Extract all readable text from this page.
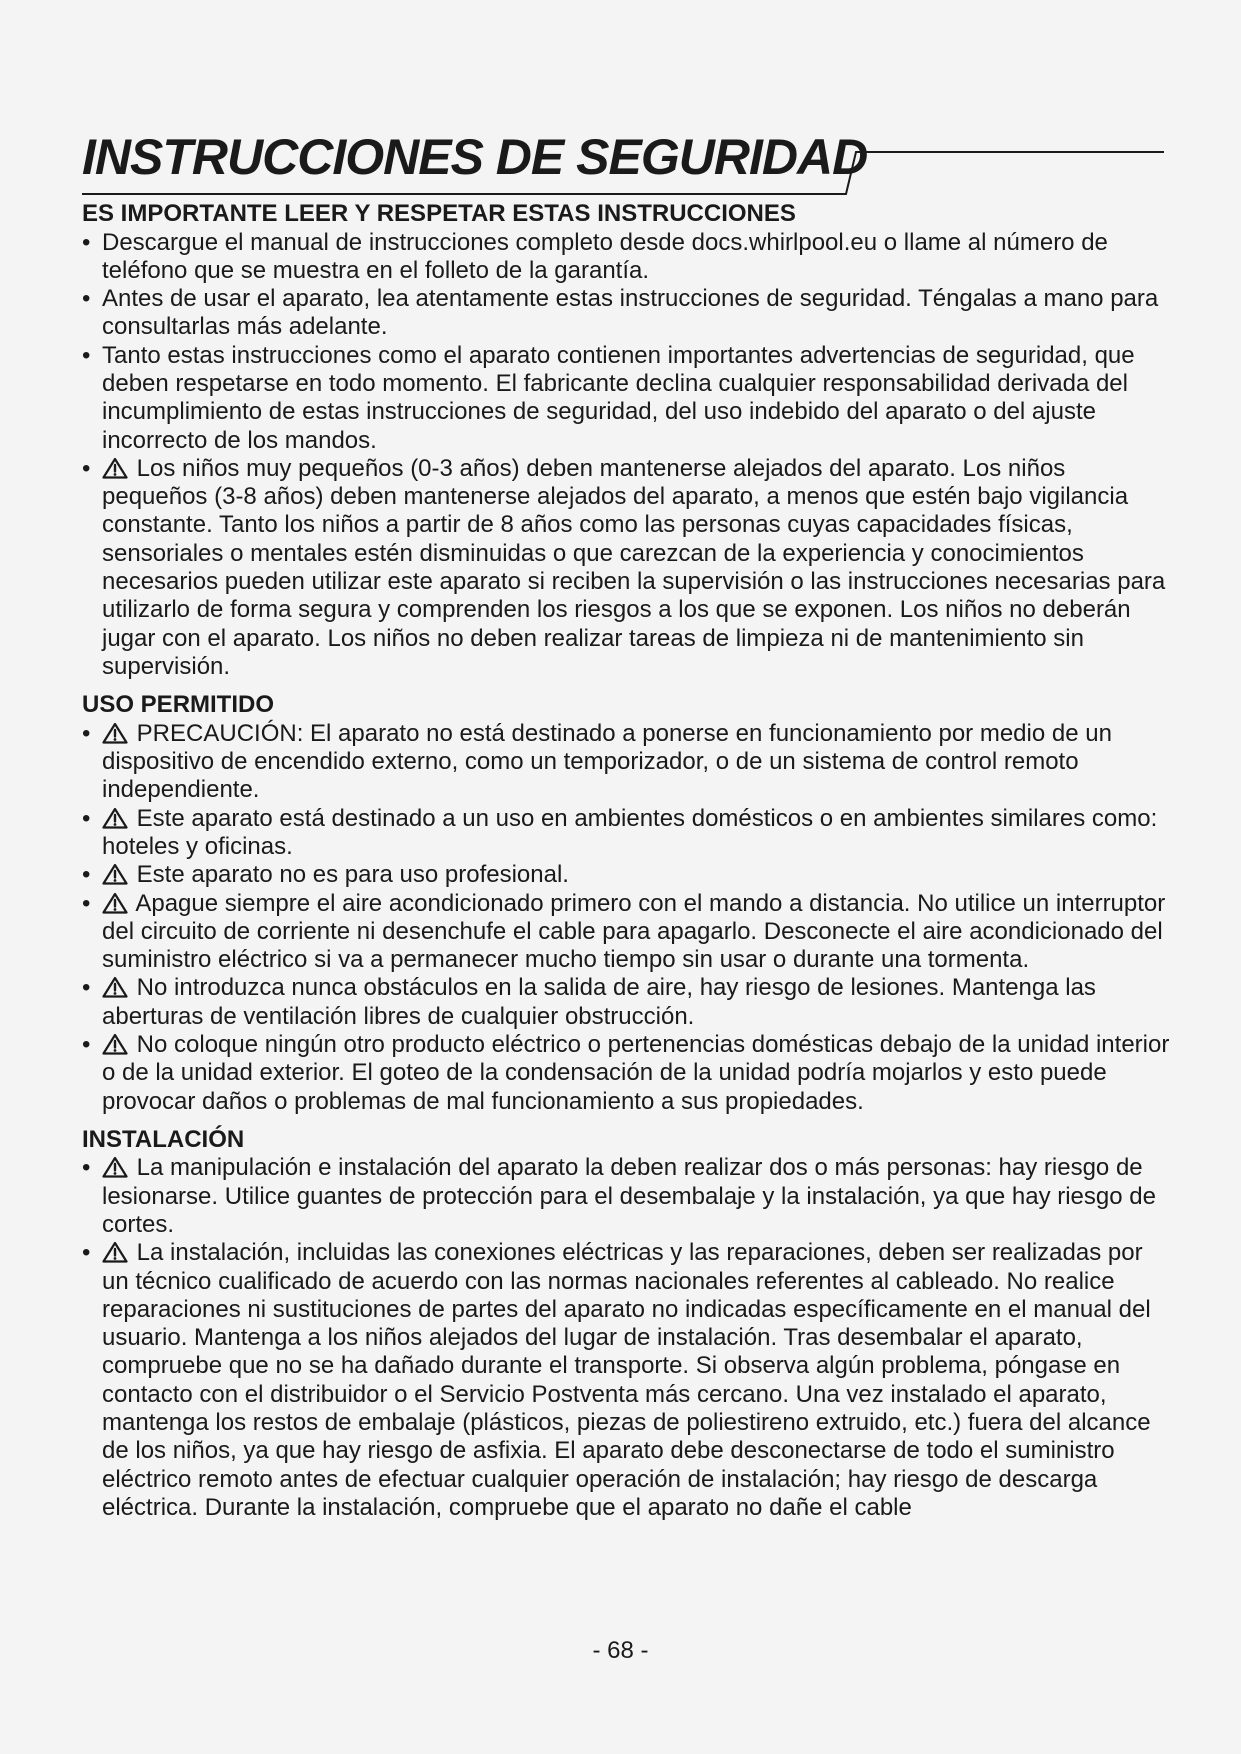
INSTRUCCIONES DE SEGURIDAD
ES IMPORTANTE LEER Y RESPETAR ESTAS INSTRUCCIONES
• Descargue el manual de instrucciones completo desde docs.whirlpool.eu o llame al número de teléfono que se muestra en el folleto de la garantía.
• Antes de usar el aparato, lea atentamente estas instrucciones de seguridad. Téngalas a mano para consultarlas más adelante.
• Tanto estas instrucciones como el aparato contienen importantes advertencias de seguridad, que deben respetarse en todo momento. El fabricante declina cualquier responsabilidad derivada del incumplimiento de estas instrucciones de seguridad, del uso indebido del aparato o del ajuste incorrecto de los mandos.
• Los niños muy pequeños (0-3 años) deben mantenerse alejados del aparato. Los niños pequeños (3-8 años) deben mantenerse alejados del aparato, a menos que estén bajo vigilancia constante. Tanto los niños a partir de 8 años como las personas cuyas capacidades físicas, sensoriales o mentales estén disminuidas o que carezcan de la experiencia y conocimientos necesarios pueden utilizar este aparato si reciben la supervisión o las instrucciones necesarias para utilizarlo de forma segura y comprenden los riesgos a los que se exponen. Los niños no deberán jugar con el aparato. Los niños no deben realizar tareas de limpieza ni de mantenimiento sin supervisión.
USO PERMITIDO
• PRECAUCIÓN: El aparato no está destinado a ponerse en funcionamiento por medio de un dispositivo de encendido externo, como un temporizador, o de un sistema de control remoto independiente.
• Este aparato está destinado a un uso en ambientes domésticos o en ambientes similares como: hoteles y oficinas.
• Este aparato no es para uso profesional.
• Apague siempre el aire acondicionado primero con el mando a distancia. No utilice un interruptor del circuito de corriente ni desenchufe el cable para apagarlo. Desconecte el aire acondicionado del suministro eléctrico si va a permanecer mucho tiempo sin usar o durante una tormenta.
• No introduzca nunca obstáculos en la salida de aire, hay riesgo de lesiones. Mantenga las aberturas de ventilación libres de cualquier obstrucción.
• No coloque ningún otro producto eléctrico o pertenencias domésticas debajo de la unidad interior o de la unidad exterior. El goteo de la condensación de la unidad podría mojarlos y esto puede provocar daños o problemas de mal funcionamiento a sus propiedades.
INSTALACIÓN
• La manipulación e instalación del aparato la deben realizar dos o más personas: hay riesgo de lesionarse. Utilice guantes de protección para el desembalaje y la instalación, ya que hay riesgo de cortes.
• La instalación, incluidas las conexiones eléctricas y las reparaciones, deben ser realizadas por un técnico cualificado de acuerdo con las normas nacionales referentes al cableado. No realice reparaciones ni sustituciones de partes del aparato no indicadas específicamente en el manual del usuario. Mantenga a los niños alejados del lugar de instalación. Tras desembalar el aparato, compruebe que no se ha dañado durante el transporte. Si observa algún problema, póngase en contacto con el distribuidor o el Servicio Postventa más cercano. Una vez instalado el aparato, mantenga los restos de embalaje (plásticos, piezas de poliestireno extruido, etc.) fuera del alcance de los niños, ya que hay riesgo de asfixia. El aparato debe desconectarse de todo el suministro eléctrico remoto antes de efectuar cualquier operación de instalación; hay riesgo de descarga eléctrica. Durante la instalación, compruebe que el aparato no dañe el cable
- 68 -
